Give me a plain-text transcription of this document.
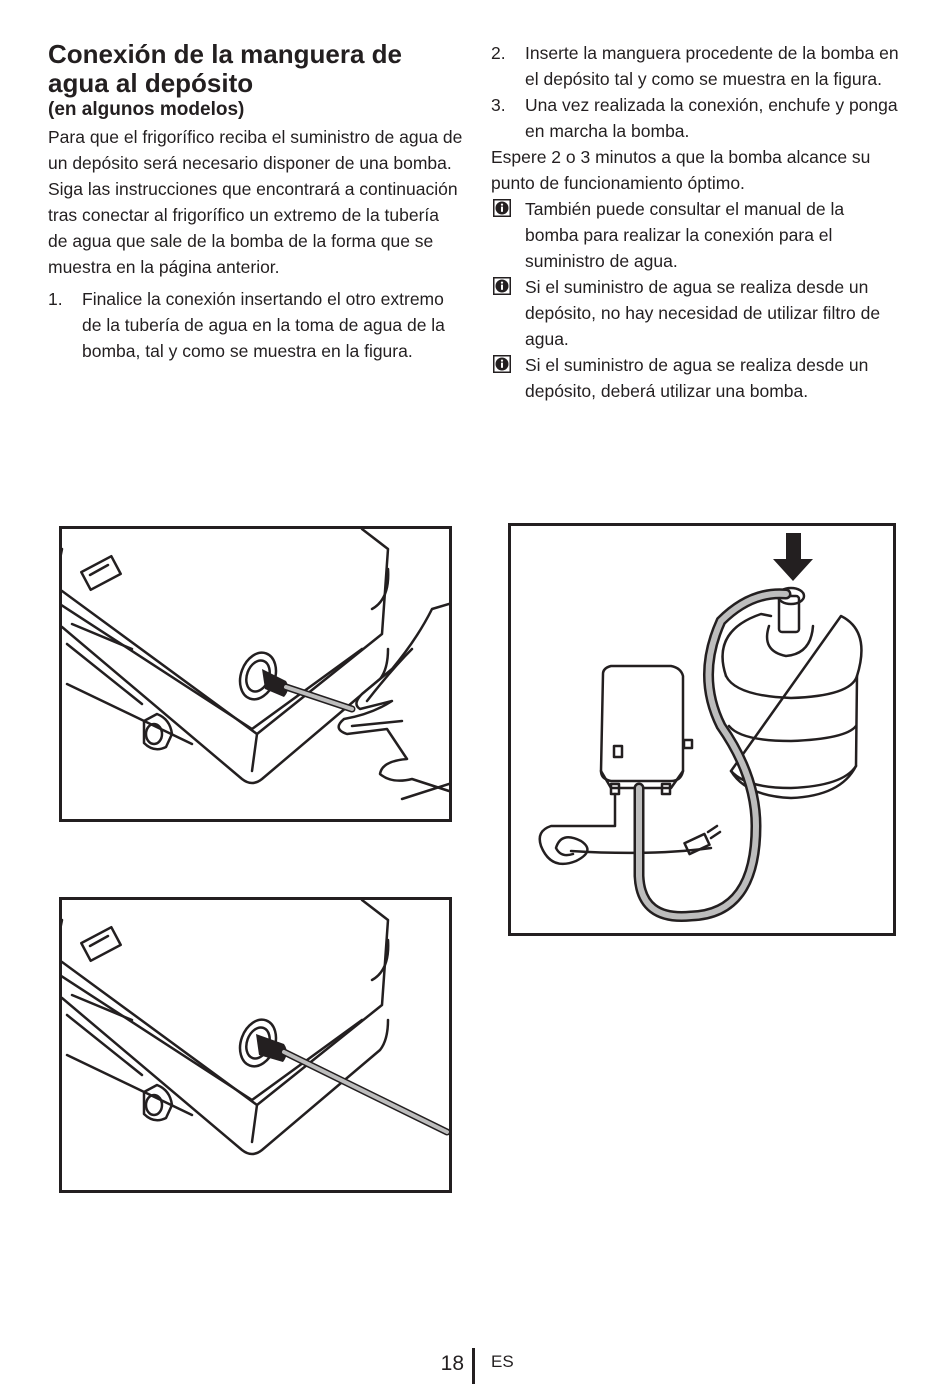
Conexión de la manguera de agua al depósito
(en algunos modelos)

Para que el frigorífico reciba el suministro de agua de un depósito será necesario disponer de una bomba. Siga las instrucciones que encontrará a continuación tras conectar al frigorífico un extremo de la tubería de agua que sale de la bomba de la forma que se muestra en la página anterior.

1. Finalice la conexión insertando el otro extremo de la tubería de agua en la toma de agua de la bomba, tal y como se muestra en la figura.
2. Inserte la manguera procedente de la bomba en el depósito tal y como se muestra en la figura.
3. Una vez realizada la conexión, enchufe y ponga en marcha la bomba.

Espere 2 o 3 minutos a que la bomba alcance su punto de funcionamiento óptimo.

También puede consultar el manual de la bomba para realizar la conexión para el suministro de agua.
Si el suministro de agua se realiza desde un depósito, no hay necesidad de utilizar filtro de agua.
Si el suministro de agua se realiza desde un depósito, deberá utilizar una bomba.
18 ES
